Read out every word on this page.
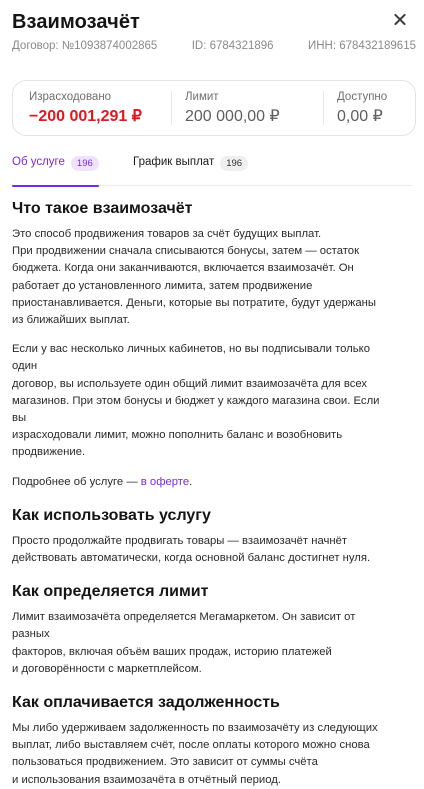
Взаимозачёт
Договор: №1093874002865	ID: 6784321896	ИНН: 678432189615
Израсходовано
−200 001,291 ₽
Лимит
200 000,00 ₽
Доступно
0,00 ₽
Об услуге	196	График выплат	196
Что такое взаимозачёт

Это способ продвижения товаров за счёт будущих выплат.
При продвижении сначала списываются бонусы, затем — остаток
бюджета. Когда они заканчиваются, включается взаимозачёт. Он
работает до установленного лимита, затем продвижение
приостанавливается. Деньги, которые вы потратите, будут удержаны
из ближайших выплат.

Если у вас несколько личных кабинетов, но вы подписывали только
один
договор, вы используете один общий лимит взаимозачёта для всех
магазинов. При этом бонусы и бюджет у каждого магазина свои. Если
вы
израсходовали лимит, можно пополнить баланс и возобновить
продвижение.

Подробнее об услуге — в оферте.

Как использовать услугу

Просто продолжайте продвигать товары — взаимозачёт начнёт
действовать автоматически, когда основной баланс достигнет нуля.

Как определяется лимит

Лимит взаимозачёта определяется Мегамаркетом. Он зависит от
разных
факторов, включая объём ваших продаж, историю платежей
и договорённости с маркетплейсом.

Как оплачивается задолженность

Мы либо удерживаем задолженность по взаимозачёту из следующих
выплат, либо выставляем счёт, после оплаты которого можно снова
пользоваться продвижением. Это зависит от суммы счёта
и использования взаимозачёта в отчётный период.
